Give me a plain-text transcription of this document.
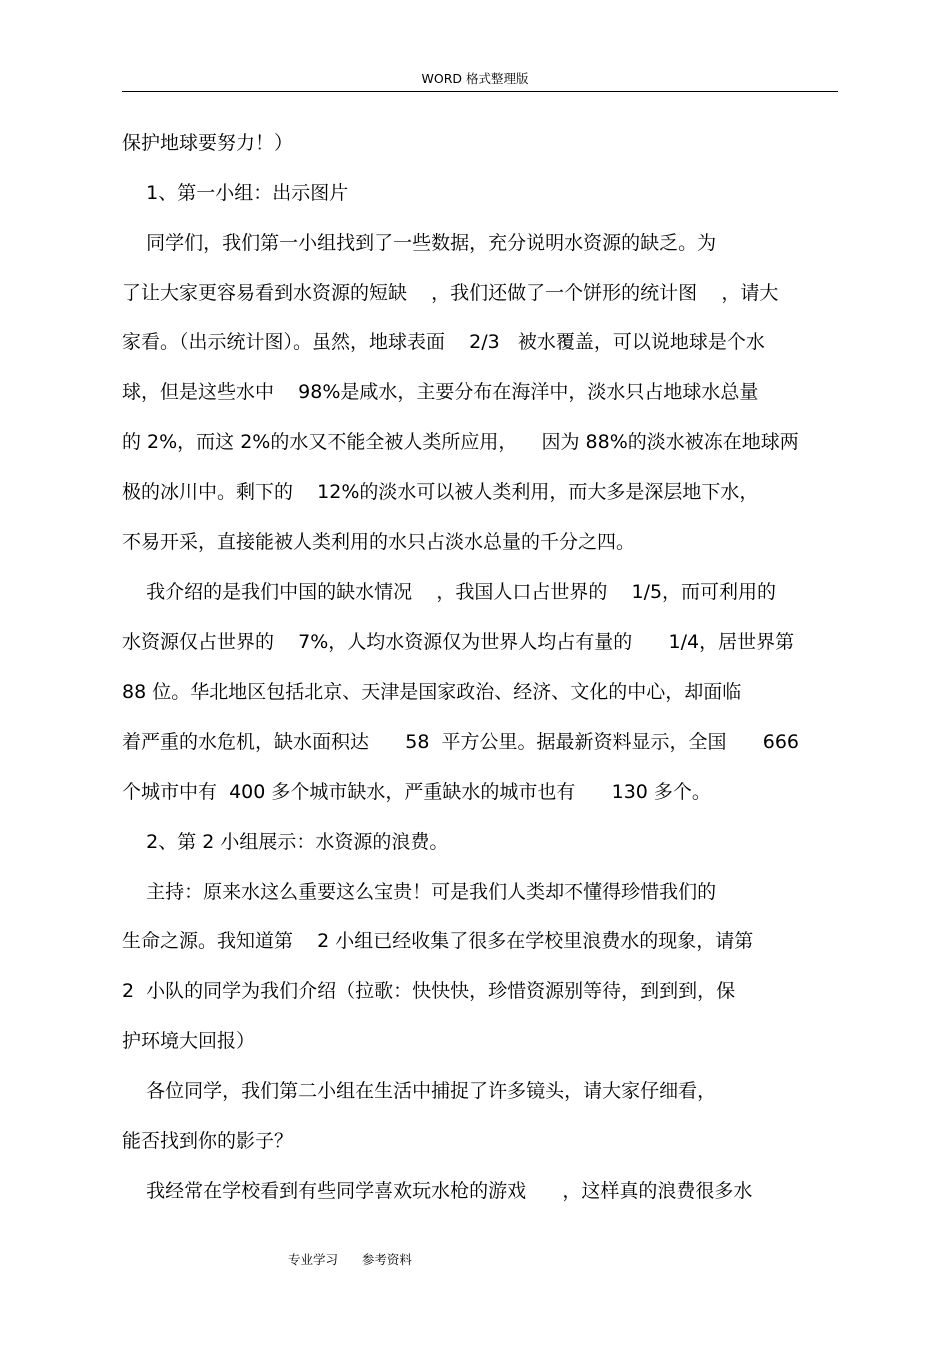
WORD 格式整理版
保护地球要努力！）
1、第一小组：出示图片
同学们，我们第一小组找到了一些数据，充分说明水资源的缺乏。为
了让大家更容易看到水资源的短缺    ，我们还做了一个饼形的统计图    ，请大
家看。（出示统计图）。虽然，地球表面    2/3   被水覆盖，可以说地球是个水
球，但是这些水中    98%是咸水，主要分布在海洋中，淡水只占地球水总量
的 2%，而这 2%的水又不能全被人类所应用，    因为 88%的淡水被冻在地球两
极的冰川中。剩下的    12%的淡水可以被人类利用，而大多是深层地下水，
不易开采，直接能被人类利用的水只占淡水总量的千分之四。
我介绍的是我们中国的缺水情况    ，我国人口占世界的    1/5，而可利用的
水资源仅占世界的    7%，人均水资源仅为世界人均占有量的      1/4，居世界第
88 位。华北地区包括北京、天津是国家政治、经济、文化的中心，却面临
着严重的水危机，缺水面积达      58  平方公里。据最新资料显示，全国      666
个城市中有  400 多个城市缺水，严重缺水的城市也有      130 多个。
2、第 2 小组展示：水资源的浪费。
主持：原来水这么重要这么宝贵！可是我们人类却不懂得珍惜我们的
生命之源。我知道第    2 小组已经收集了很多在学校里浪费水的现象，请第
2  小队的同学为我们介绍（拉歌：快快快，珍惜资源别等待，到到到，保
护环境大回报）
各位同学，我们第二小组在生活中捕捉了许多镜头，请大家仔细看，
能否找到你的影子？
我经常在学校看到有些同学喜欢玩水枪的游戏      ，这样真的浪费很多水
专业学习      参考资料
